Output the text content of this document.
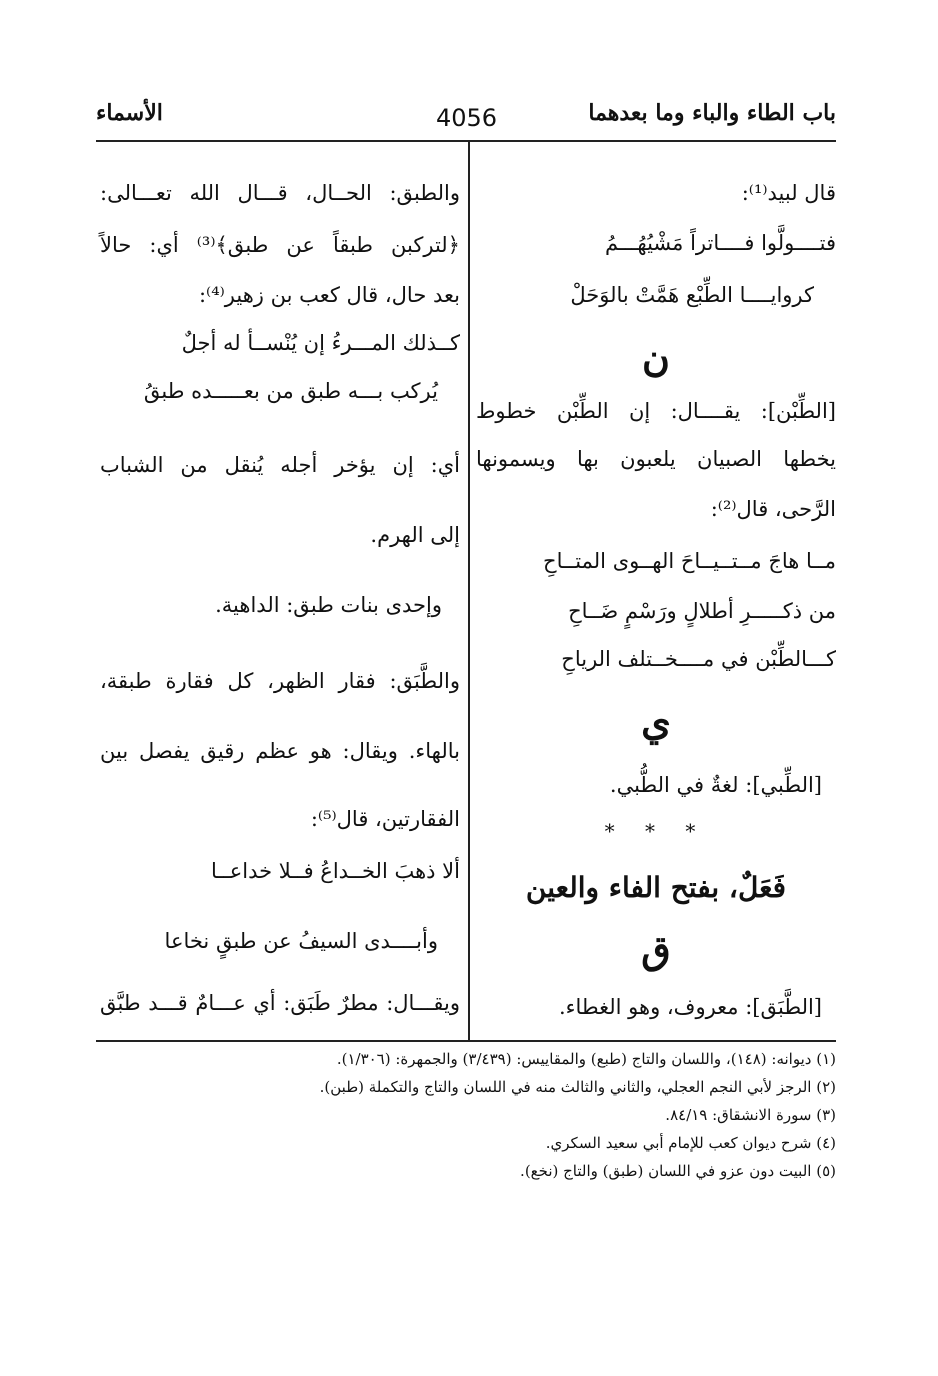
باب الطاء والباء وما بعدهما
4056
الأسماء
قال لبيد⁽¹⁾:
فتــــولَّوا فــــاتراً مَشْيُهُـــمُ
كروايــــا الطِّبْع هَمَّتْ بالوَحَلْ
ن
[الطِّبْن]: يقــــال: إن الطِّبْن خطوط
يخطها الصبيان يلعبون بها ويسمونها
الرَّحى، قال⁽²⁾:
مــا هاجَ مــتــيــاحَ الهــوى المتــاحِ
من ذكـــــرِ أطلالٍ ورَسْمٍ ضَــاحِ
كـــالطِّبْن في مــــخــتلف الرياحِ
ي
[الطِّبي]: لغةٌ في الطُّبي.
* * *
فَعَلٌ، بفتح الفاء والعين
ق
[الطَّبَق]: معروف، وهو الغطاء.
والطبق: الحــال، قـــال الله تعـــالى:
﴿لتركبن طبقاً عن طبق﴾⁽³⁾ أي: حالاً
بعد حال، قال كعب بن زهير⁽⁴⁾:
كــذلك المـــرءُ إن يُنْســأ له أجلٌ
يُركب بـــه طبق من بعـــــده طبقُ
أي: إن يؤخر أجله يُنقل من الشباب
إلى الهرم.
وإحدى بنات طبق: الداهية.
والطَّبَق: فقار الظهر، كل فقارة طبقة،
بالهاء. ويقال: هو عظم رقيق يفصل بين
الفقارتين، قال⁽⁵⁾:
ألا ذهبَ الخــداعُ فــلا خداعــا
وأبــــدى السيفُ عن طبقٍ نخاعا
ويقـــال: مطرٌ طَبَق: أي عـــامٌ قـــد طبَّق
(١) ديوانه: (١٤٨)، واللسان والتاج (طبع) والمقاييس: (٣/٤٣٩) والجمهرة: (١/٣٠٦).
(٢) الرجز لأبي النجم العجلي، والثاني والثالث منه في اللسان والتاج والتكملة (طبن).
(٣) سورة الانشقاق: ٨٤/١٩.
(٤) شرح ديوان كعب للإمام أبي سعيد السكري.
(٥) البيت دون عزو في اللسان (طبق) والتاج (نخع).
